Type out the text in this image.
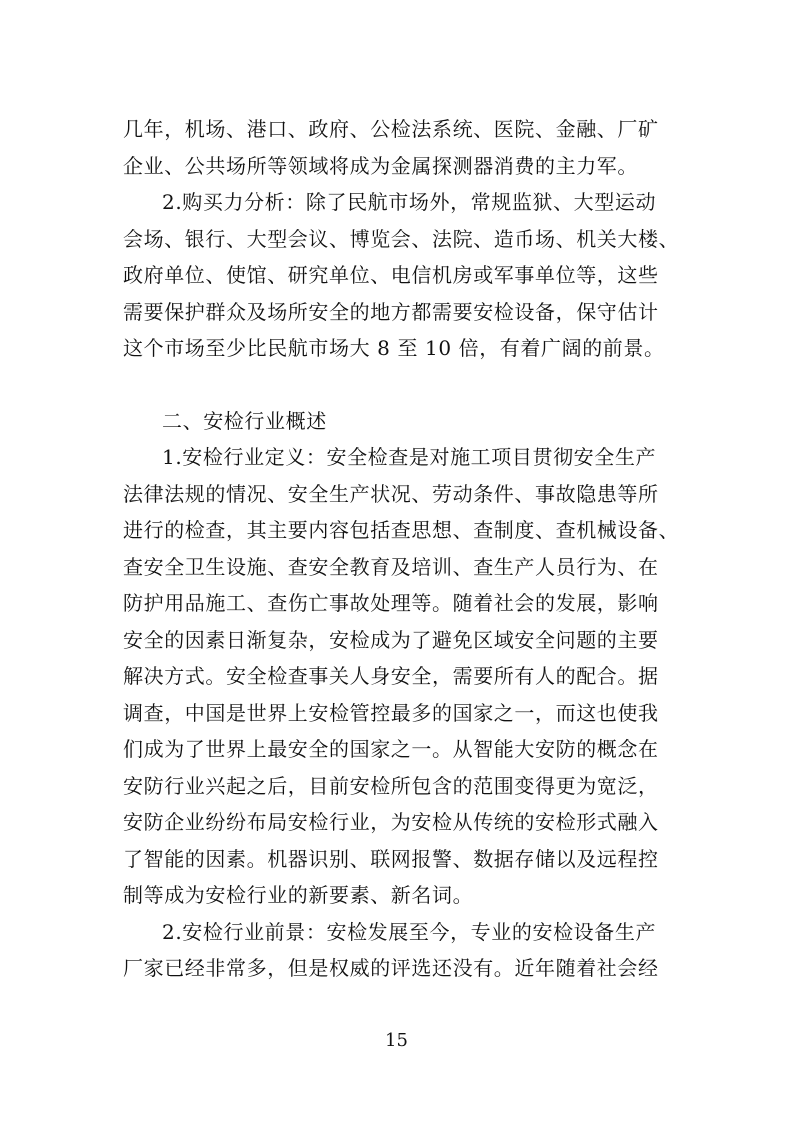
几年，机场、港口、政府、公检法系统、医院、金融、厂矿
企业、公共场所等领域将成为金属探测器消费的主力军。
2.购买力分析：除了民航市场外，常规监狱、大型运动
会场、银行、大型会议、博览会、法院、造币场、机关大楼、
政府单位、使馆、研究单位、电信机房或军事单位等，这些
需要保护群众及场所安全的地方都需要安检设备，保守估计
这个市场至少比民航市场大 8 至 10 倍，有着广阔的前景。
二、安检行业概述
1.安检行业定义：安全检查是对施工项目贯彻安全生产
法律法规的情况、安全生产状况、劳动条件、事故隐患等所
进行的检查，其主要内容包括查思想、查制度、查机械设备、
查安全卫生设施、查安全教育及培训、查生产人员行为、在
防护用品施工、查伤亡事故处理等。随着社会的发展，影响
安全的因素日渐复杂，安检成为了避免区域安全问题的主要
解决方式。安全检查事关人身安全，需要所有人的配合。据
调查，中国是世界上安检管控最多的国家之一，而这也使我
们成为了世界上最安全的国家之一。从智能大安防的概念在
安防行业兴起之后，目前安检所包含的范围变得更为宽泛，
安防企业纷纷布局安检行业，为安检从传统的安检形式融入
了智能的因素。机器识别、联网报警、数据存储以及远程控
制等成为安检行业的新要素、新名词。
2.安检行业前景：安检发展至今，专业的安检设备生产
厂家已经非常多，但是权威的评选还没有。近年随着社会经
15
